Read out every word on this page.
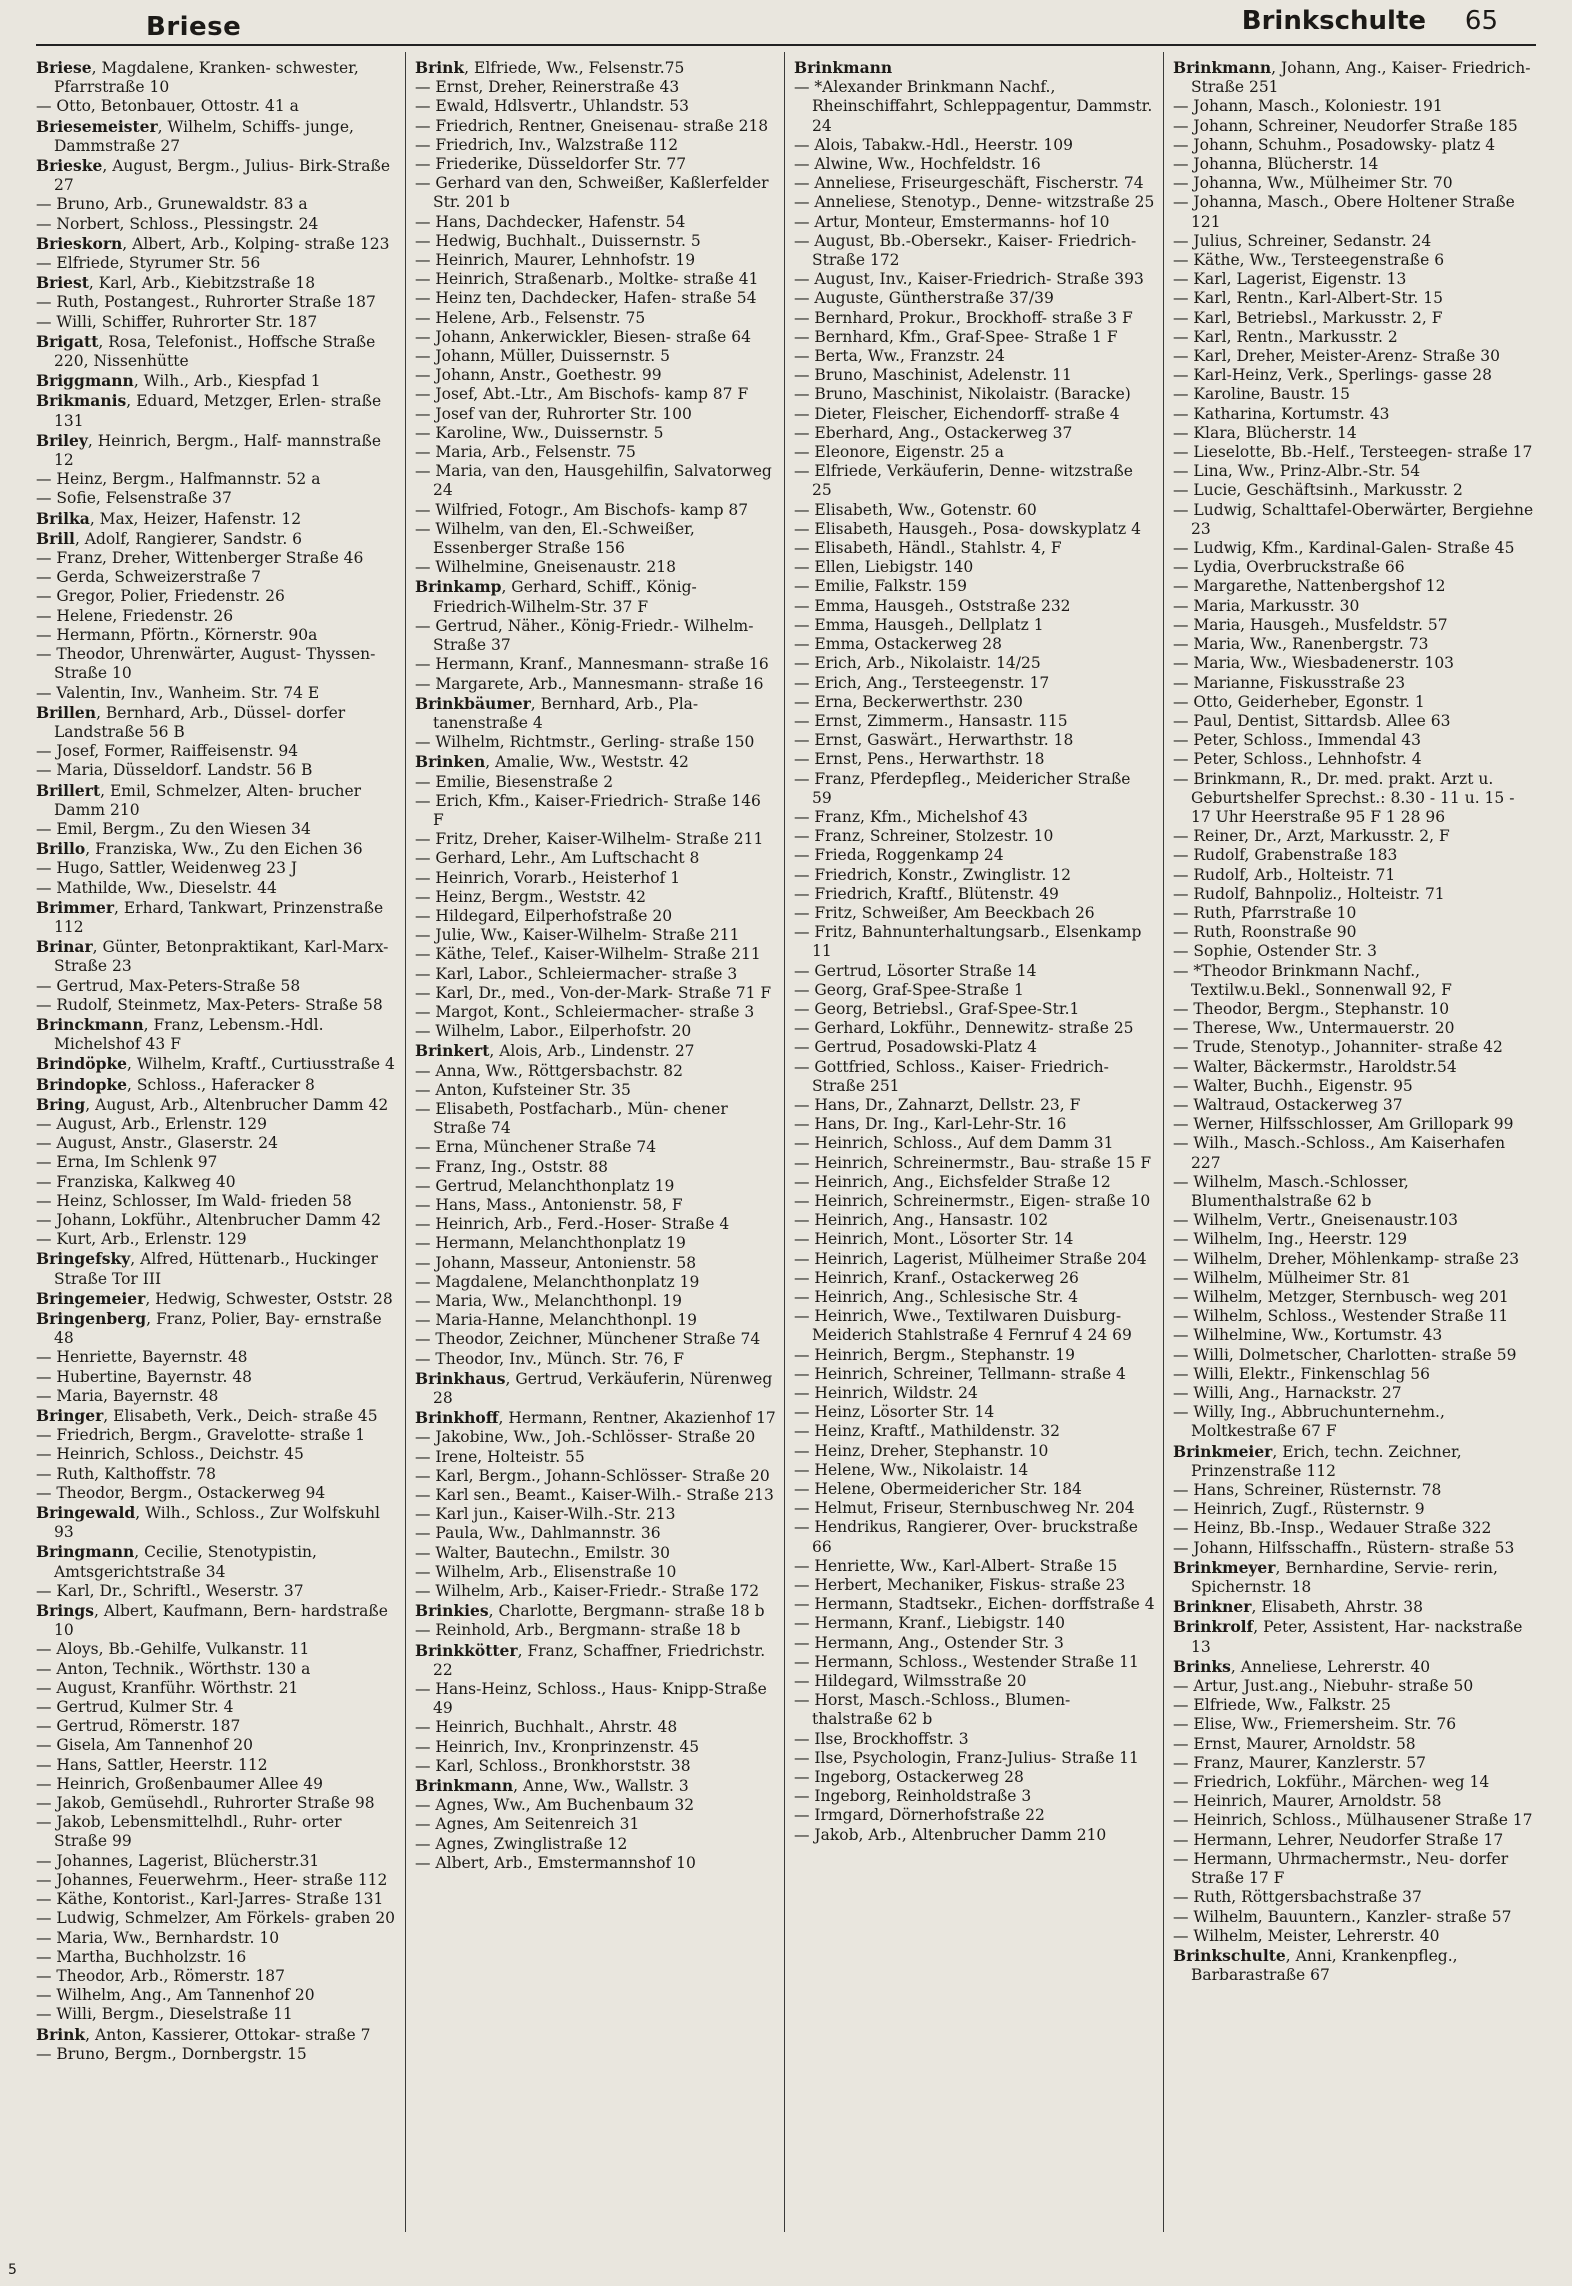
Briese	Brinkschulte 65

Briese, Magdalene, Kranken- schwester, Pfarrstraße 10

— Otto, Betonbauer, Ottostr. 41 a

Briesemeister, Wilhelm, Schiffs- junge, Dammstraße 27

Brieske, August, Bergm., Julius- Birk-Straße 27

— Bruno, Arb., Grunewaldstr. 83 a

— Norbert, Schloss., Plessingstr. 24

Brieskorn, Albert, Arb., Kolping- straße 123

— Elfriede, Styrumer Str. 56

Briest, Karl, Arb., Kiebitzstraße 18

— Ruth, Postangest., Ruhrorter Straße 187

— Willi, Schiffer, Ruhrorter Str. 187

Brigatt, Rosa, Telefonist., Hoffsche Straße 220, Nissenhütte

Briggmann, Wilh., Arb., Kiespfad 1

Brikmanis, Eduard, Metzger, Erlen- straße 131

Briley, Heinrich, Bergm., Half- mannstraße 12

— Heinz, Bergm., Halfmannstr. 52 a

— Sofie, Felsenstraße 37

Brilka, Max, Heizer, Hafenstr. 12

Brill, Adolf, Rangierer, Sandstr. 6

— Franz, Dreher, Wittenberger Straße 46

— Gerda, Schweizerstraße 7

— Gregor, Polier, Friedenstr. 26

— Helene, Friedenstr. 26

— Hermann, Pförtn., Körnerstr. 90a

— Theodor, Uhrenwärter, August- Thyssen-Straße 10

— Valentin, Inv., Wanheim. Str. 74 E

Brillen, Bernhard, Arb., Düssel- dorfer Landstraße 56 B

— Josef, Former, Raiffeisenstr. 94

— Maria, Düsseldorf. Landstr. 56 B

Brillert, Emil, Schmelzer, Alten- brucher Damm 210

— Emil, Bergm., Zu den Wiesen 34

Brillo, Franziska, Ww., Zu den Eichen 36

— Hugo, Sattler, Weidenweg 23 J

— Mathilde, Ww., Dieselstr. 44

Brimmer, Erhard, Tankwart, Prinzenstraße 112

Brinar, Günter, Betonpraktikant, Karl-Marx-Straße 23

— Gertrud, Max-Peters-Straße 58

— Rudolf, Steinmetz, Max-Peters- Straße 58

Brinckmann, Franz, Lebensm.-Hdl. Michelshof 43 F

Brindöpke, Wilhelm, Kraftf., Curtiusstraße 4

Brindopke, Schloss., Haferacker 8

Bring, August, Arb., Altenbrucher Damm 42

— August, Arb., Erlenstr. 129

— August, Anstr., Glaserstr. 24

— Erna, Im Schlenk 97

— Franziska, Kalkweg 40

— Heinz, Schlosser, Im Wald- frieden 58

— Johann, Lokführ., Altenbrucher Damm 42

— Kurt, Arb., Erlenstr. 129

Bringefsky, Alfred, Hüttenarb., Huckinger Straße Tor III

Bringemeier, Hedwig, Schwester, Oststr. 28

Bringenberg, Franz, Polier, Bay- ernstraße 48

— Henriette, Bayernstr. 48

— Hubertine, Bayernstr. 48

— Maria, Bayernstr. 48

Bringer, Elisabeth, Verk., Deich- straße 45

— Friedrich, Bergm., Gravelotte- straße 1

— Heinrich, Schloss., Deichstr. 45

— Ruth, Kalthoffstr. 78

— Theodor, Bergm., Ostackerweg 94

Bringewald, Wilh., Schloss., Zur Wolfskuhl 93

Bringmann, Cecilie, Stenotypistin, Amtsgerichtstraße 34

— Karl, Dr., Schriftl., Weserstr. 37

Brings, Albert, Kaufmann, Bern- hardstraße 10

— Aloys, Bb.-Gehilfe, Vulkanstr. 11

— Anton, Technik., Wörthstr. 130 a

— August, Kranführ. Wörthstr. 21

— Gertrud, Kulmer Str. 4

— Gertrud, Römerstr. 187

— Gisela, Am Tannenhof 20

— Hans, Sattler, Heerstr. 112

— Heinrich, Großenbaumer Allee 49

— Jakob, Gemüsehdl., Ruhrorter Straße 98

— Jakob, Lebensmittelhdl., Ruhr- orter Straße 99

— Johannes, Lagerist, Blücherstr.31

— Johannes, Feuerwehrm., Heer- straße 112

— Käthe, Kontorist., Karl-Jarres- Straße 131

— Ludwig, Schmelzer, Am Förkels- graben 20

— Maria, Ww., Bernhardstr. 10

— Martha, Buchholzstr. 16

— Theodor, Arb., Römerstr. 187

— Wilhelm, Ang., Am Tannenhof 20

— Willi, Bergm., Dieselstraße 11

Brink, Anton, Kassierer, Ottokar- straße 7

— Bruno, Bergm., Dornbergstr. 15

Brink, Elfriede, Ww., Felsenstr.75

— Ernst, Dreher, Reinerstraße 43

— Ewald, Hdlsvertr., Uhlandstr. 53

— Friedrich, Rentner, Gneisenau- straße 218

— Friedrich, Inv., Walzstraße 112

— Friederike, Düsseldorfer Str. 77

— Gerhard van den, Schweißer, Kaßlerfelder Str. 201 b

— Hans, Dachdecker, Hafenstr. 54

— Hedwig, Buchhalt., Duissernstr. 5

— Heinrich, Maurer, Lehnhofstr. 19

— Heinrich, Straßenarb., Moltke- straße 41

— Heinz ten, Dachdecker, Hafen- straße 54

— Helene, Arb., Felsenstr. 75

— Johann, Ankerwickler, Biesen- straße 64

— Johann, Müller, Duissernstr. 5

— Johann, Anstr., Goethestr. 99

— Josef, Abt.-Ltr., Am Bischofs- kamp 87 F

— Josef van der, Ruhrorter Str. 100

— Karoline, Ww., Duissernstr. 5

— Maria, Arb., Felsenstr. 75

— Maria, van den, Hausgehilfin, Salvatorweg 24

— Wilfried, Fotogr., Am Bischofs- kamp 87

— Wilhelm, van den, El.-Schweißer, Essenberger Straße 156

— Wilhelmine, Gneisenaustr. 218

Brinkamp, Gerhard, Schiff., König- Friedrich-Wilhelm-Str. 37 F

— Gertrud, Näher., König-Friedr.- Wilhelm-Straße 37

— Hermann, Kranf., Mannesmann- straße 16

— Margarete, Arb., Mannesmann- straße 16

Brinkbäumer, Bernhard, Arb., Pla- tanenstraße 4

— Wilhelm, Richtmstr., Gerling- straße 150

Brinken, Amalie, Ww., Weststr. 42

— Emilie, Biesenstraße 2

— Erich, Kfm., Kaiser-Friedrich- Straße 146 F

— Fritz, Dreher, Kaiser-Wilhelm- Straße 211

— Gerhard, Lehr., Am Luftschacht 8

— Heinrich, Vorarb., Heisterhof 1

— Heinz, Bergm., Weststr. 42

— Hildegard, Eilperhofstraße 20

— Julie, Ww., Kaiser-Wilhelm- Straße 211

— Käthe, Telef., Kaiser-Wilhelm- Straße 211

— Karl, Labor., Schleiermacher- straße 3

— Karl, Dr., med., Von-der-Mark- Straße 71 F

— Margot, Kont., Schleiermacher- straße 3

— Wilhelm, Labor., Eilperhofstr. 20

Brinkert, Alois, Arb., Lindenstr. 27

— Anna, Ww., Röttgersbachstr. 82

— Anton, Kufsteiner Str. 35

— Elisabeth, Postfacharb., Mün- chener Straße 74

— Erna, Münchener Straße 74

— Franz, Ing., Oststr. 88

— Gertrud, Melanchthonplatz 19

— Hans, Mass., Antonienstr. 58, F

— Heinrich, Arb., Ferd.-Hoser- Straße 4

— Hermann, Melanchthonplatz 19

— Johann, Masseur, Antonienstr. 58

— Magdalene, Melanchthonplatz 19

— Maria, Ww., Melanchthonpl. 19

— Maria-Hanne, Melanchthonpl. 19

— Theodor, Zeichner, Münchener Straße 74

— Theodor, Inv., Münch. Str. 76, F

Brinkhaus, Gertrud, Verkäuferin, Nürenweg 28

Brinkhoff, Hermann, Rentner, Akazienhof 17

— Jakobine, Ww., Joh.-Schlösser- Straße 20

— Irene, Holteistr. 55

— Karl, Bergm., Johann-Schlösser- Straße 20

— Karl sen., Beamt., Kaiser-Wilh.- Straße 213

— Karl jun., Kaiser-Wilh.-Str. 213

— Paula, Ww., Dahlmannstr. 36

— Walter, Bautechn., Emilstr. 30

— Wilhelm, Arb., Elisenstraße 10

— Wilhelm, Arb., Kaiser-Friedr.- Straße 172

Brinkies, Charlotte, Bergmann- straße 18 b

— Reinhold, Arb., Bergmann- straße 18 b

Brinkkötter, Franz, Schaffner, Friedrichstr. 22

— Hans-Heinz, Schloss., Haus- Knipp-Straße 49

— Heinrich, Buchhalt., Ahrstr. 48

— Heinrich, Inv., Kronprinzenstr. 45

— Karl, Schloss., Bronkhorststr. 38

Brinkmann, Anne, Ww., Wallstr. 3

— Agnes, Ww., Am Buchenbaum 32

— Agnes, Am Seitenreich 31

— Agnes, Zwinglistraße 12

— Albert, Arb., Emstermannshof 10

Brinkmann

— *Alexander Brinkmann Nachf., Rheinschiffahrt, Schleppagentur, Dammstr. 24

— Alois, Tabakw.-Hdl., Heerstr. 109

— Alwine, Ww., Hochfeldstr. 16

— Anneliese, Friseurgeschäft, Fischerstr. 74

— Anneliese, Stenotyp., Denne- witzstraße 25

— Artur, Monteur, Emstermanns- hof 10

— August, Bb.-Obersekr., Kaiser- Friedrich-Straße 172

— August, Inv., Kaiser-Friedrich- Straße 393

— Auguste, Güntherstraße 37/39

— Bernhard, Prokur., Brockhoff- straße 3 F

— Bernhard, Kfm., Graf-Spee- Straße 1 F

— Berta, Ww., Franzstr. 24

— Bruno, Maschinist, Adelenstr. 11

— Bruno, Maschinist, Nikolaistr. (Baracke)

— Dieter, Fleischer, Eichendorff- straße 4

— Eberhard, Ang., Ostackerweg 37

— Eleonore, Eigenstr. 25 a

— Elfriede, Verkäuferin, Denne- witzstraße 25

— Elisabeth, Ww., Gotenstr. 60

— Elisabeth, Hausgeh., Posa- dowskyplatz 4

— Elisabeth, Händl., Stahlstr. 4, F

— Ellen, Liebigstr. 140

— Emilie, Falkstr. 159

— Emma, Hausgeh., Oststraße 232

— Emma, Hausgeh., Dellplatz 1

— Emma, Ostackerweg 28

— Erich, Arb., Nikolaistr. 14/25

— Erich, Ang., Tersteegenstr. 17

— Erna, Beckerwerthstr. 230

— Ernst, Zimmerm., Hansastr. 115

— Ernst, Gaswärt., Herwarthstr. 18

— Ernst, Pens., Herwarthstr. 18

— Franz, Pferdepfleg., Meidericher Straße 59

— Franz, Kfm., Michelshof 43

— Franz, Schreiner, Stolzestr. 10

— Frieda, Roggenkamp 24

— Friedrich, Konstr., Zwinglistr. 12

— Friedrich, Kraftf., Blütenstr. 49

— Fritz, Schweißer, Am Beeckbach 26

— Fritz, Bahnunterhaltungsarb., Elsenkamp 11

— Gertrud, Lösorter Straße 14

— Georg, Graf-Spee-Straße 1

— Georg, Betriebsl., Graf-Spee-Str.1

— Gerhard, Lokführ., Dennewitz- straße 25

— Gertrud, Posadowski-Platz 4

— Gottfried, Schloss., Kaiser- Friedrich-Straße 251

— Hans, Dr., Zahnarzt, Dellstr. 23, F

— Hans, Dr. Ing., Karl-Lehr-Str. 16

— Heinrich, Schloss., Auf dem Damm 31

— Heinrich, Schreinermstr., Bau- straße 15 F

— Heinrich, Ang., Eichsfelder Straße 12

— Heinrich, Schreinermstr., Eigen- straße 10

— Heinrich, Ang., Hansastr. 102

— Heinrich, Mont., Lösorter Str. 14

— Heinrich, Lagerist, Mülheimer Straße 204

— Heinrich, Kranf., Ostackerweg 26

— Heinrich, Ang., Schlesische Str. 4

— Heinrich, Wwe., Textilwaren Duisburg-Meiderich Stahlstraße 4 Fernruf 4 24 69

— Heinrich, Bergm., Stephanstr. 19

— Heinrich, Schreiner, Tellmann- straße 4

— Heinrich, Wildstr. 24

— Heinz, Lösorter Str. 14

— Heinz, Kraftf., Mathildenstr. 32

— Heinz, Dreher, Stephanstr. 10

— Helene, Ww., Nikolaistr. 14

— Helene, Obermeidericher Str. 184

— Helmut, Friseur, Sternbuschweg Nr. 204

— Hendrikus, Rangierer, Over- bruckstraße 66

— Henriette, Ww., Karl-Albert- Straße 15

— Herbert, Mechaniker, Fiskus- straße 23

— Hermann, Stadtsekr., Eichen- dorffstraße 4

— Hermann, Kranf., Liebigstr. 140

— Hermann, Ang., Ostender Str. 3

— Hermann, Schloss., Westender Straße 11

— Hildegard, Wilmsstraße 20

— Horst, Masch.-Schloss., Blumen- thalstraße 62 b

— Ilse, Brockhoffstr. 3

— Ilse, Psychologin, Franz-Julius- Straße 11

— Ingeborg, Ostackerweg 28

— Ingeborg, Reinholdstraße 3

— Irmgard, Dörnerhofstraße 22

— Jakob, Arb., Altenbrucher Damm 210

Brinkmann, Johann, Ang., Kaiser- Friedrich-Straße 251

— Johann, Masch., Koloniestr. 191

— Johann, Schreiner, Neudorfer Straße 185

— Johann, Schuhm., Posadowsky- platz 4

— Johanna, Blücherstr. 14

— Johanna, Ww., Mülheimer Str. 70

— Johanna, Masch., Obere Holtener Straße 121

— Julius, Schreiner, Sedanstr. 24

— Käthe, Ww., Tersteegenstraße 6

— Karl, Lagerist, Eigenstr. 13

— Karl, Rentn., Karl-Albert-Str. 15

— Karl, Betriebsl., Markusstr. 2, F

— Karl, Rentn., Markusstr. 2

— Karl, Dreher, Meister-Arenz- Straße 30

— Karl-Heinz, Verk., Sperlings- gasse 28

— Karoline, Baustr. 15

— Katharina, Kortumstr. 43

— Klara, Blücherstr. 14

— Lieselotte, Bb.-Helf., Tersteegen- straße 17

— Lina, Ww., Prinz-Albr.-Str. 54

— Lucie, Geschäftsinh., Markusstr. 2

— Ludwig, Schalttafel-Oberwärter, Bergiehne 23

— Ludwig, Kfm., Kardinal-Galen- Straße 45

— Lydia, Overbruckstraße 66

— Margarethe, Nattenbergshof 12

— Maria, Markusstr. 30

— Maria, Hausgeh., Musfeldstr. 57

— Maria, Ww., Ranenbergstr. 73

— Maria, Ww., Wiesbadenerstr. 103

— Marianne, Fiskusstraße 23

— Otto, Geiderheber, Egonstr. 1

— Paul, Dentist, Sittardsb. Allee 63

— Peter, Schloss., Immendal 43

— Peter, Schloss., Lehnhofstr. 4

— Brinkmann, R., Dr. med. prakt. Arzt u. Geburtshelfer Sprechst.: 8.30 - 11 u. 15 - 17 Uhr Heerstraße 95 F 1 28 96

— Reiner, Dr., Arzt, Markusstr. 2, F

— Rudolf, Grabenstraße 183

— Rudolf, Arb., Holteistr. 71

— Rudolf, Bahnpoliz., Holteistr. 71

— Ruth, Pfarrstraße 10

— Ruth, Roonstraße 90

— Sophie, Ostender Str. 3

— *Theodor Brinkmann Nachf., Textilw.u.Bekl., Sonnenwall 92, F

— Theodor, Bergm., Stephanstr. 10

— Therese, Ww., Untermauerstr. 20

— Trude, Stenotyp., Johanniter- straße 42

— Walter, Bäckermstr., Haroldstr.54

— Walter, Buchh., Eigenstr. 95

— Waltraud, Ostackerweg 37

— Werner, Hilfsschlosser, Am Grillopark 99

— Wilh., Masch.-Schloss., Am Kaiserhafen 227

— Wilhelm, Masch.-Schlosser, Blumenthalstraße 62 b

— Wilhelm, Vertr., Gneisenaustr.103

— Wilhelm, Ing., Heerstr. 129

— Wilhelm, Dreher, Möhlenkamp- straße 23

— Wilhelm, Mülheimer Str. 81

— Wilhelm, Metzger, Sternbusch- weg 201

— Wilhelm, Schloss., Westender Straße 11

— Wilhelmine, Ww., Kortumstr. 43

— Willi, Dolmetscher, Charlotten- straße 59

— Willi, Elektr., Finkenschlag 56

— Willi, Ang., Harnackstr. 27

— Willy, Ing., Abbruchunternehm., Moltkestraße 67 F

Brinkmeier, Erich, techn. Zeichner, Prinzenstraße 112

— Hans, Schreiner, Rüsternstr. 78

— Heinrich, Zugf., Rüsternstr. 9

— Heinz, Bb.-Insp., Wedauer Straße 322

— Johann, Hilfsschaffn., Rüstern- straße 53

Brinkmeyer, Bernhardine, Servie- rerin, Spichernstr. 18

Brinkner, Elisabeth, Ahrstr. 38

Brinkrolf, Peter, Assistent, Har- nackstraße 13

Brinks, Anneliese, Lehrerstr. 40

— Artur, Just.ang., Niebuhr- straße 50

— Elfriede, Ww., Falkstr. 25

— Elise, Ww., Friemersheim. Str. 76

— Ernst, Maurer, Arnoldstr. 58

— Franz, Maurer, Kanzlerstr. 57

— Friedrich, Lokführ., Märchen- weg 14

— Heinrich, Maurer, Arnoldstr. 58

— Heinrich, Schloss., Mülhausener Straße 17

— Hermann, Lehrer, Neudorfer Straße 17

— Hermann, Uhrmachermstr., Neu- dorfer Straße 17 F

— Ruth, Röttgersbachstraße 37

— Wilhelm, Bauuntern., Kanzler- straße 57

— Wilhelm, Meister, Lehrerstr. 40

Brinkschulte, Anni, Krankenpfleg., Barbarastraße 67

5
